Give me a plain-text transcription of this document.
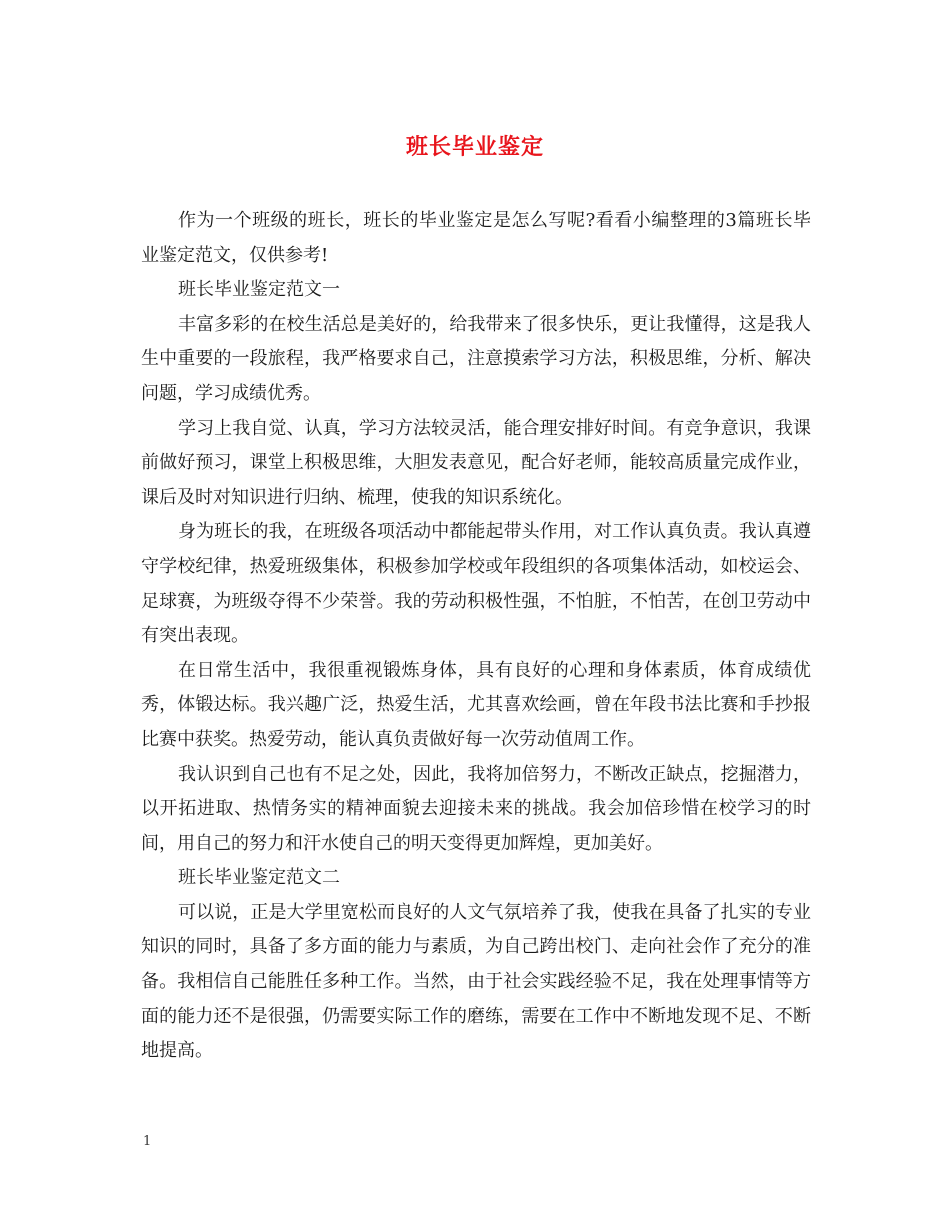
班长毕业鉴定

作为一个班级的班长，班长的毕业鉴定是怎么写呢?看看小编整理的3篇班长毕业鉴定范文，仅供参考!

班长毕业鉴定范文一

丰富多彩的在校生活总是美好的，给我带来了很多快乐，更让我懂得，这是我人生中重要的一段旅程，我严格要求自己，注意摸索学习方法，积极思维，分析、解决问题，学习成绩优秀。

学习上我自觉、认真，学习方法较灵活，能合理安排好时间。有竞争意识，我课前做好预习，课堂上积极思维，大胆发表意见，配合好老师，能较高质量完成作业，课后及时对知识进行归纳、梳理，使我的知识系统化。

身为班长的我，在班级各项活动中都能起带头作用，对工作认真负责。我认真遵守学校纪律，热爱班级集体，积极参加学校或年段组织的各项集体活动，如校运会、足球赛，为班级夺得不少荣誉。我的劳动积极性强，不怕脏，不怕苦，在创卫劳动中有突出表现。

在日常生活中，我很重视锻炼身体，具有良好的心理和身体素质，体育成绩优秀，体锻达标。我兴趣广泛，热爱生活，尤其喜欢绘画，曾在年段书法比赛和手抄报比赛中获奖。热爱劳动，能认真负责做好每一次劳动值周工作。

我认识到自己也有不足之处，因此，我将加倍努力，不断改正缺点，挖掘潜力，以开拓进取、热情务实的精神面貌去迎接未来的挑战。我会加倍珍惜在校学习的时间，用自己的努力和汗水使自己的明天变得更加辉煌，更加美好。

班长毕业鉴定范文二

可以说，正是大学里宽松而良好的人文气氛培养了我，使我在具备了扎实的专业知识的同时，具备了多方面的能力与素质，为自己跨出校门、走向社会作了充分的准备。我相信自己能胜任多种工作。当然，由于社会实践经验不足，我在处理事情等方面的能力还不是很强，仍需要实际工作的磨练，需要在工作中不断地发现不足、不断地提高。

1
